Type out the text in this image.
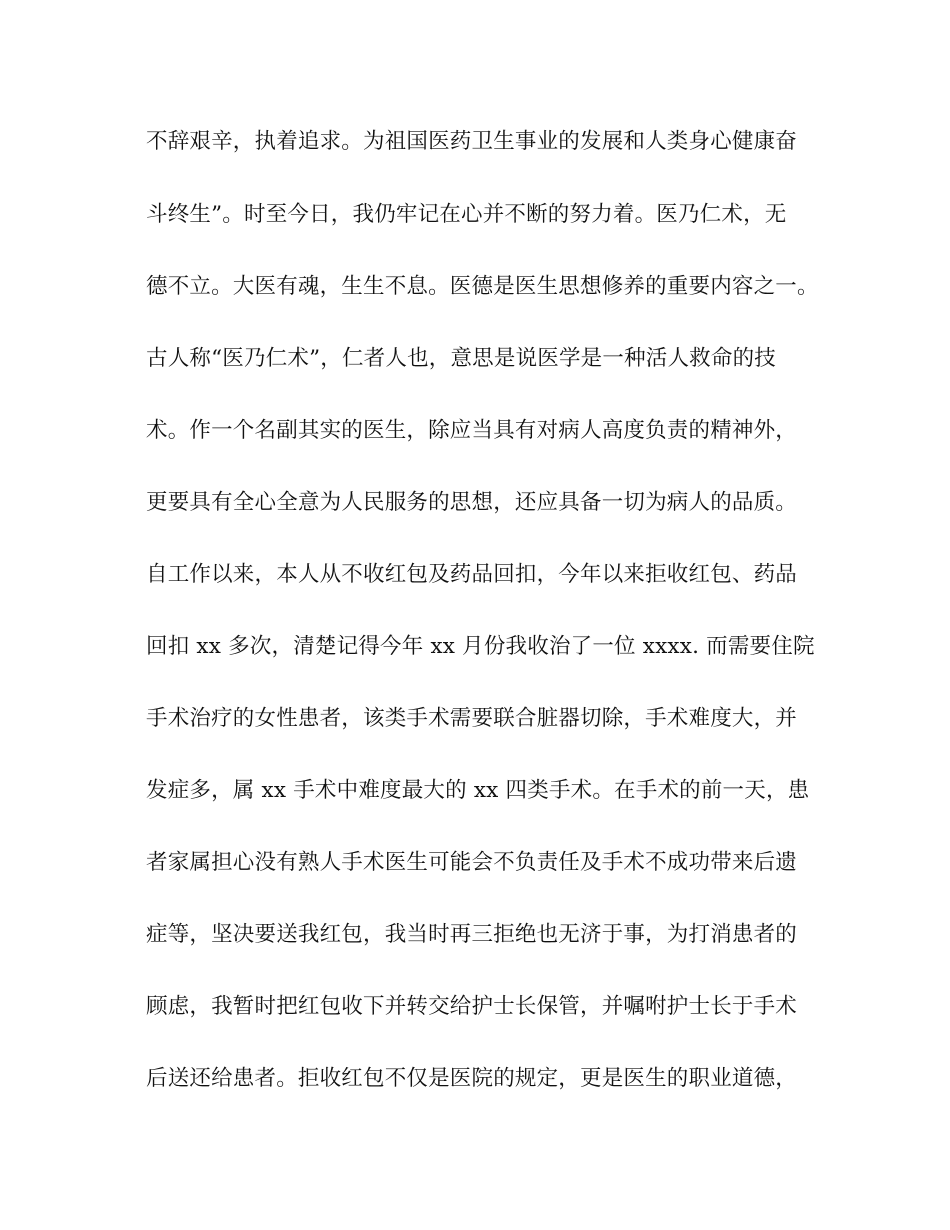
不辞艰辛，执着追求。为祖国医药卫生事业的发展和人类身心健康奋
斗终生”。时至今日，我仍牢记在心并不断的努力着。医乃仁术，无
德不立。大医有魂，生生不息。医德是医生思想修养的重要内容之一。
古人称“医乃仁术”，仁者人也，意思是说医学是一种活人救命的技
术。作一个名副其实的医生，除应当具有对病人高度负责的精神外，
更要具有全心全意为人民服务的思想，还应具备一切为病人的品质。
自工作以来，本人从不收红包及药品回扣，今年以来拒收红包、药品
回扣 xx 多次，清楚记得今年 xx 月份我收治了一位 xxxx. 而需要住院
手术治疗的女性患者，该类手术需要联合脏器切除，手术难度大，并
发症多，属 xx 手术中难度最大的 xx 四类手术。在手术的前一天，患
者家属担心没有熟人手术医生可能会不负责任及手术不成功带来后遗
症等，坚决要送我红包，我当时再三拒绝也无济于事，为打消患者的
顾虑，我暂时把红包收下并转交给护士长保管，并嘱咐护士长于手术
后送还给患者。拒收红包不仅是医院的规定，更是医生的职业道德，
